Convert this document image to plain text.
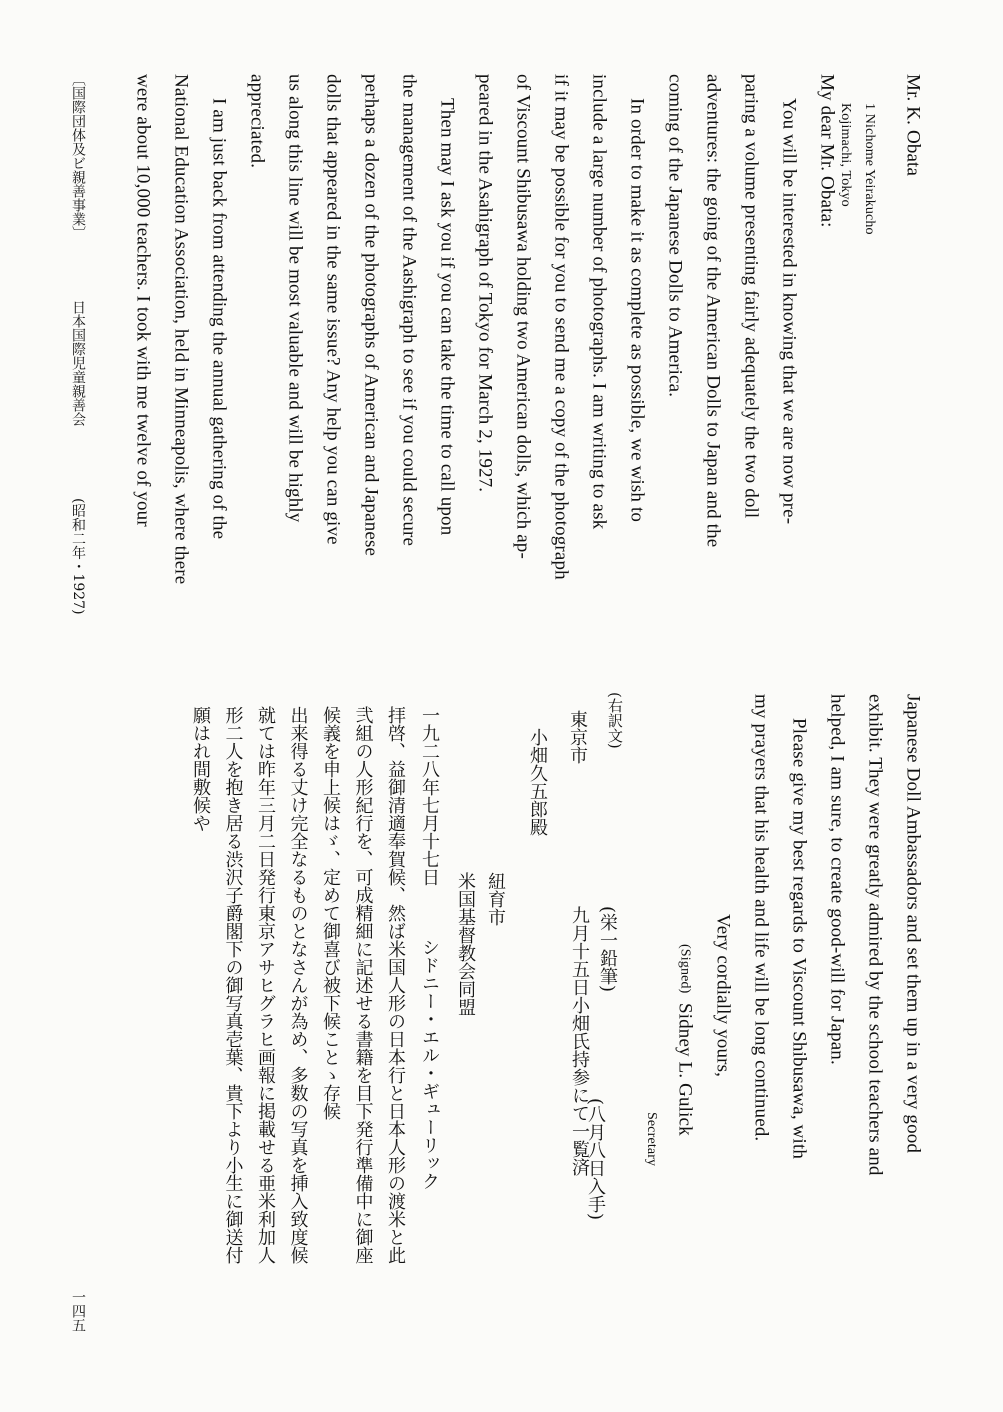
Mr. K. Obata

1 Nichome Yeirakucho

Kojimachi, Tokyo

My dear Mr. Obata:

You will be interested in knowing that we are now pre-

paring a volume presenting fairly adequately the two doll

adventures: the going of the American Dolls to Japan and the

coming of the Japanese Dolls to America.

In order to make it as complete as possible, we wish to

include a large number of photographs. I am writing to ask

if it may be possible for you to send me a copy of the photograph

of Viscount Shibusawa holding two American dolls, which ap-

peared in the Asahigraph of Tokyo for March 2, 1927.

Then may I ask you if you can take the time to call upon

the management of the Aashigraph to see if you could secure

perhaps a dozen of the photographs of American and Japanese

dolls that appeared in the same issue? Any help you can give

us along this line will be most valuable and will be highly

appreciated.

I am just back from attending the annual gathering of the

National Education Association, held in Minneapolis, where there

were about 10,000 teachers. I took with me twelve of your

Japanese Doll Ambassadors and set them up in a very good

exhibit. They were greatly admired by the school teachers and

helped, I am sure, to create good-will for Japan.

Please give my best regards to Viscount Shibusawa, with

my prayers that his health and life will be long continued.

Very cordially yours,

(Signed)Sidney L. Gulick

Secretary

(右訳文)

(栄一鉛筆)

東京市

九月十五日小畑氏持参にて一覧済

(八月八日入手)

小畑久五郎殿

紐育市

米国基督教会同盟

一九二八年七月十七日

シドニー・エル・ギューリック

拝啓、益御清適奉賀候、然ば米国人形の日本行と日本人形の渡米と此

弐組の人形紀行を、可成精細に記述せる書籍を目下発行準備中に御座

候義を申上候はゞ、定めて御喜び被下候ことゝ存候

出来得る丈け完全なるものとなさんが為め、多数の写真を挿入致度候

就ては昨年三月二日発行東京アサヒグラヒ画報に掲載せる亜米利加人

形二人を抱き居る渋沢子爵閣下の御写真壱葉、貴下より小生に御送付

願はれ間敷候や

〔国際団体及ビ親善事業〕

日本国際児童親善会

(昭和二年・1927)

一四五
